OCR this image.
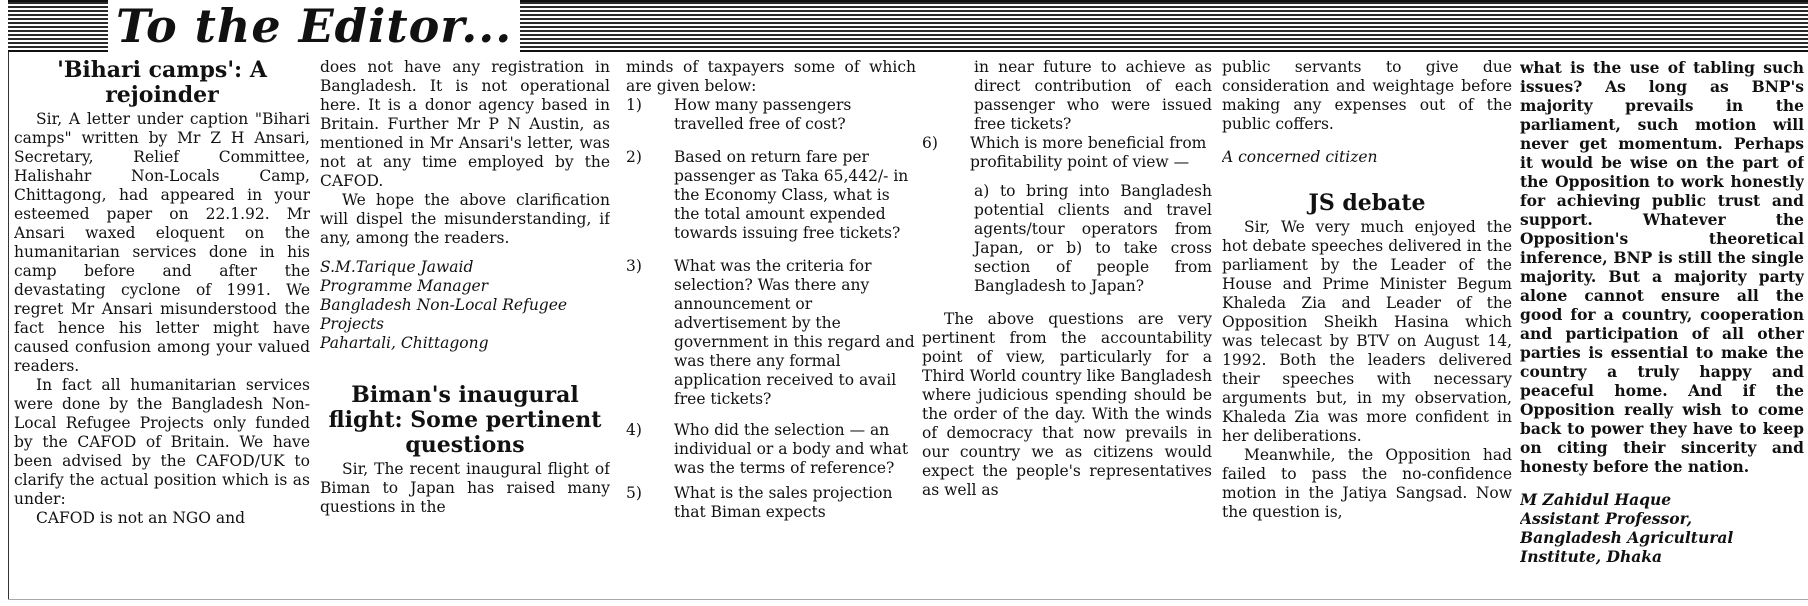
To the Editor...

'Bihari camps': A rejoinder

Sir, A letter under caption "Bihari camps" written by Mr Z H Ansari, Secretary, Relief Committee, Halishahr Non-Locals Camp, Chittagong, had appeared in your esteemed paper on 22.1.92. Mr Ansari waxed eloquent on the humanitarian services done in his camp before and after the devastating cyclone of 1991. We regret Mr Ansari misunderstood the fact hence his letter might have caused confusion among your valued readers.

In fact all humanitarian services were done by the Bangladesh Non-Local Refugee Projects only funded by the CAFOD of Britain. We have been advised by the CAFOD/UK to clarify the actual position which is as under:

CAFOD is not an NGO and

does not have any registration in Bangladesh. It is not operational here. It is a donor agency based in Britain. Further Mr P N Austin, as mentioned in Mr Ansari's letter, was not at any time employed by the CAFOD.

We hope the above clarification will dispel the misunderstanding, if any, among the readers.

S.M.Tarique Jawaid

Programme Manager

Bangladesh Non-Local Refugee Projects

Pahartali, Chittagong

Biman's inaugural flight: Some pertinent questions

Sir, The recent inaugural flight of Biman to Japan has raised many questions in the

minds of taxpayers some of which are given below:

1)	How many passengers travelled free of cost?
2)	Based on return fare per passenger as Taka 65,442/- in the Economy Class, what is the total amount expended towards issuing free tickets?
3)	What was the criteria for selection? Was there any announcement or advertisement by the government in this regard and was there any formal application received to avail free tickets?
4)	Who did the selection — an individual or a body and what was the terms of reference?
5)	What is the sales projection that Biman expects

in near future to achieve as direct contribution of each passenger who were issued free tickets?

6)	Which is more beneficial from profitability point of view —

a) to bring into Bangladesh potential clients and travel agents/tour operators from Japan, or b) to take cross section of people from Bangladesh to Japan?

The above questions are very pertinent from the accountability point of view, particularly for a Third World country like Bangladesh where judicious spending should be the order of the day. With the winds of democracy that now prevails in our country we as citizens would expect the people's representatives as well as

public servants to give due consideration and weightage before making any expenses out of the public coffers.

A concerned citizen

JS debate

Sir, We very much enjoyed the hot debate speeches delivered in the parliament by the Leader of the House and Prime Minister Begum Khaleda Zia and Leader of the Opposition Sheikh Hasina which was telecast by BTV on August 14, 1992. Both the leaders delivered their speeches with necessary arguments but, in my observation, Khaleda Zia was more confident in her deliberations.

Meanwhile, the Opposition had failed to pass the no-confidence motion in the Jatiya Sangsad. Now the question is,

what is the use of tabling such issues? As long as BNP's majority prevails in the parliament, such motion will never get momentum. Perhaps it would be wise on the part of the Opposition to work honestly for achieving public trust and support. Whatever the Opposition's theoretical inference, BNP is still the single majority. But a majority party alone cannot ensure all the good for a country, cooperation and participation of all other parties is essential to make the country a truly happy and peaceful home. And if the Opposition really wish to come back to power they have to keep on citing their sincerity and honesty before the nation.

M Zahidul Haque

Assistant Professor,

Bangladesh Agricultural Institute, Dhaka
